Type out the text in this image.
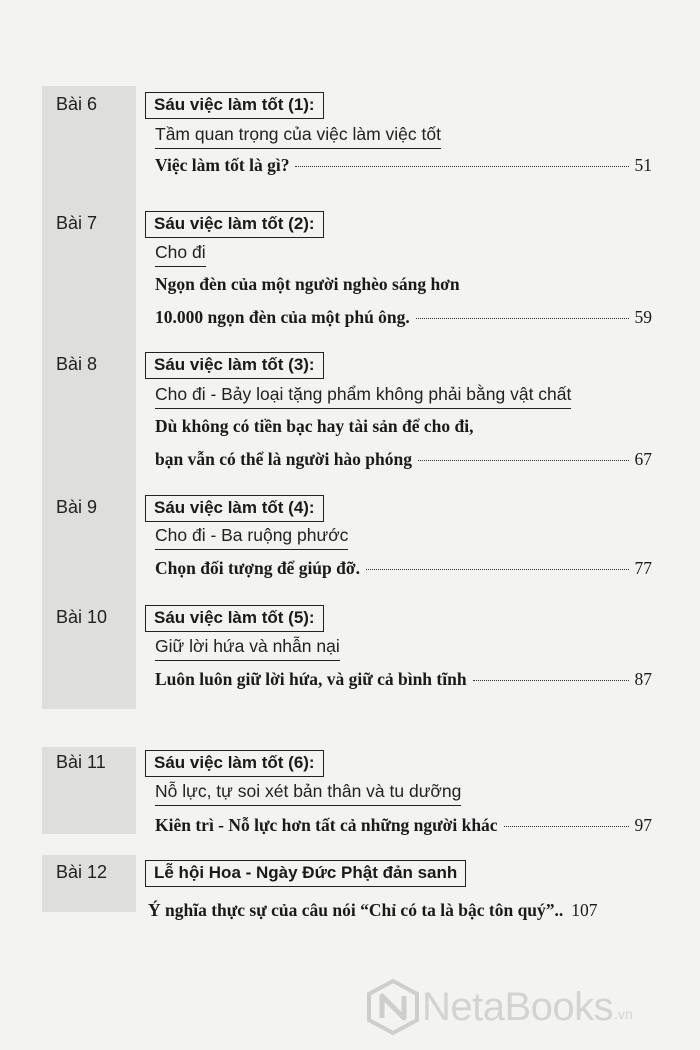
Bài 6	Sáu việc làm tốt (1):
Tầm quan trọng của việc làm việc tốt
Việc làm tốt là gì?	51
Bài 7	Sáu việc làm tốt (2):
Cho đi
Ngọn đèn của một người nghèo sáng hơn
10.000 ngọn đèn của một phú ông.	59
Bài 8	Sáu việc làm tốt (3):
Cho đi - Bảy loại tặng phẩm không phải bằng vật chất
Dù không có tiền bạc hay tài sản để cho đi,
bạn vẫn có thể là người hào phóng	67
Bài 9	Sáu việc làm tốt (4):
Cho đi - Ba ruộng phước
Chọn đối tượng để giúp đỡ.	77
Bài 10	Sáu việc làm tốt (5):
Giữ lời hứa và nhẫn nại
Luôn luôn giữ lời hứa, và giữ cả bình tĩnh	87
Bài 11	Sáu việc làm tốt (6):
Nỗ lực, tự soi xét bản thân và tu dưỡng
Kiên trì - Nỗ lực hơn tất cả những người khác	97
Bài 12	Lễ hội Hoa - Ngày Đức Phật đản sanh
Ý nghĩa thực sự của câu nói “Chỉ có ta là bậc tôn quý”.. 107
NetaBooks .vn
